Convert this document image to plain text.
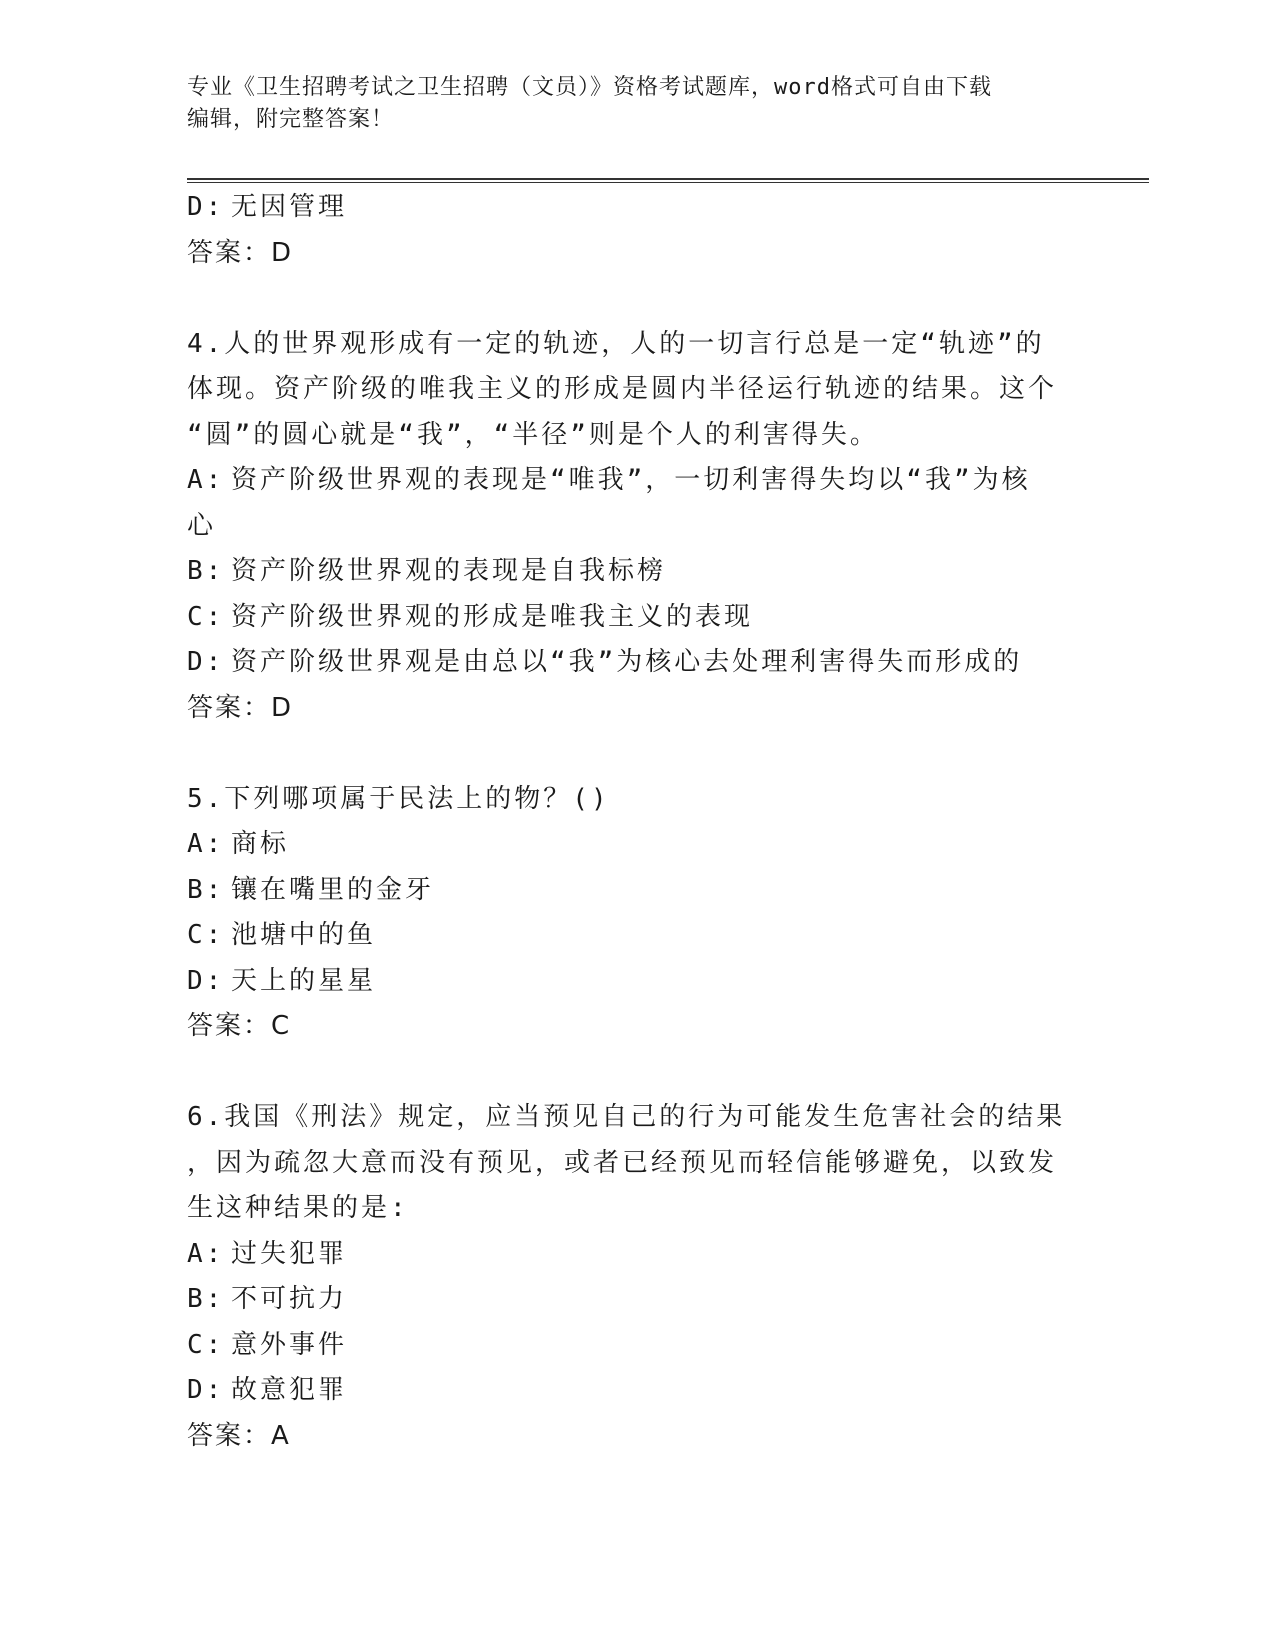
专业《卫生招聘考试之卫生招聘（文员）》资格考试题库，word格式可自由下载
编辑，附完整答案！
D: 无因管理
答案：D
4.人的世界观形成有一定的轨迹，人的一切言行总是一定“轨迹”的
体现。资产阶级的唯我主义的形成是圆内半径运行轨迹的结果。这个
“圆”的圆心就是“我”，“半径”则是个人的利害得失。
A: 资产阶级世界观的表现是“唯我”，一切利害得失均以“我”为核
心
B: 资产阶级世界观的表现是自我标榜
C: 资产阶级世界观的形成是唯我主义的表现
D: 资产阶级世界观是由总以“我”为核心去处理利害得失而形成的
答案：D
5.下列哪项属于民法上的物？()
A: 商标
B: 镶在嘴里的金牙
C: 池塘中的鱼
D: 天上的星星
答案：C
6.我国《刑法》规定，应当预见自己的行为可能发生危害社会的结果
，因为疏忽大意而没有预见，或者已经预见而轻信能够避免，以致发
生这种结果的是:
A: 过失犯罪
B: 不可抗力
C: 意外事件
D: 故意犯罪
答案：A
